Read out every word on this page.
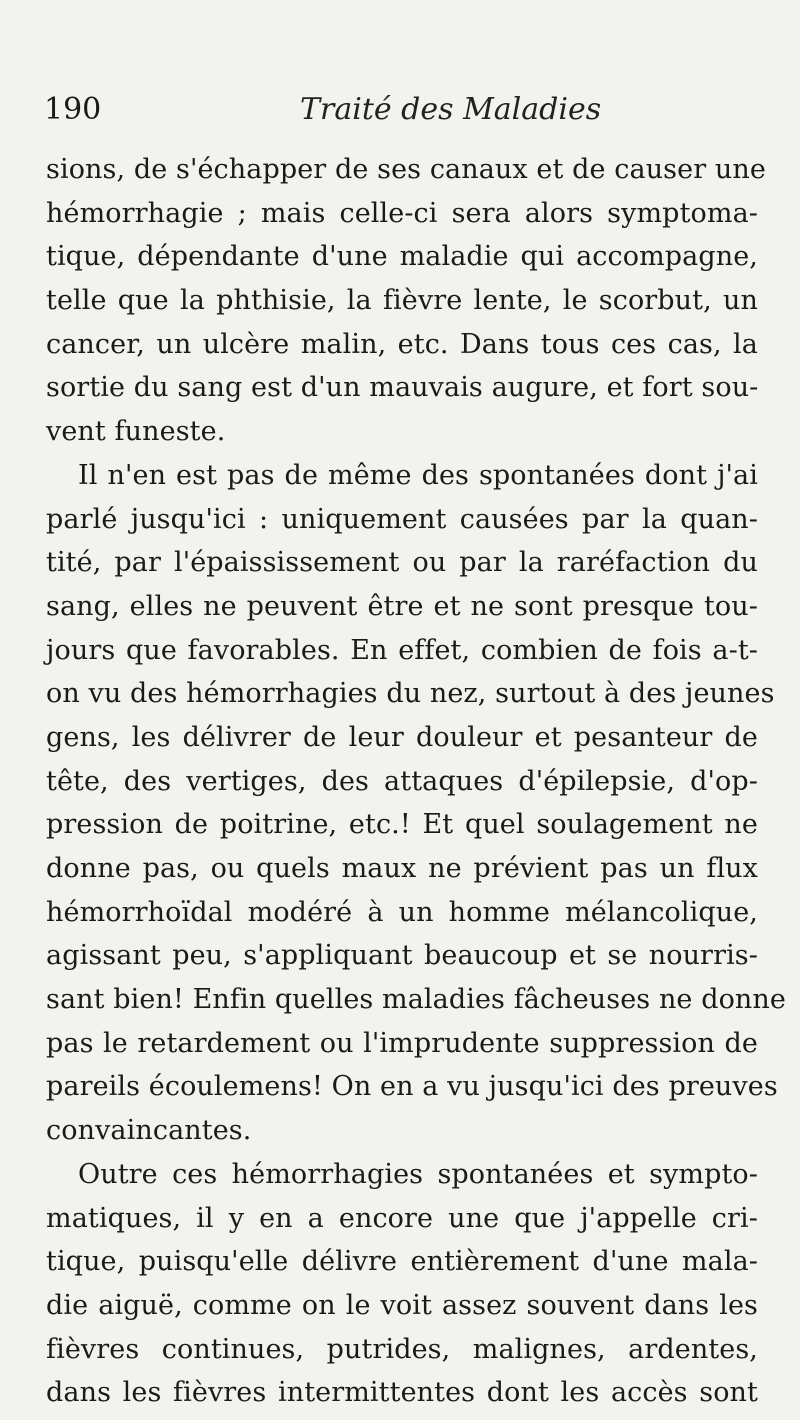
190	Traité des Maladies
sions, de s'échapper de ses canaux et de causer une
hémorrhagie ; mais celle-ci sera alors symptoma-
tique, dépendante d'une maladie qui accompagne,
telle que la phthisie, la fièvre lente, le scorbut, un
cancer, un ulcère malin, etc. Dans tous ces cas, la
sortie du sang est d'un mauvais augure, et fort sou-
vent funeste.
Il n'en est pas de même des spontanées dont j'ai
parlé jusqu'ici : uniquement causées par la quan-
tité, par l'épaississement ou par la raréfaction du
sang, elles ne peuvent être et ne sont presque tou-
jours que favorables. En effet, combien de fois a-t-
on vu des hémorrhagies du nez, surtout à des jeunes
gens, les délivrer de leur douleur et pesanteur de
tête, des vertiges, des attaques d'épilepsie, d'op-
pression de poitrine, etc.! Et quel soulagement ne
donne pas, ou quels maux ne prévient pas un flux
hémorrhoïdal modéré à un homme mélancolique,
agissant peu, s'appliquant beaucoup et se nourris-
sant bien! Enfin quelles maladies fâcheuses ne donne
pas le retardement ou l'imprudente suppression de
pareils écoulemens! On en a vu jusqu'ici des preuves
convaincantes.
Outre ces hémorrhagies spontanées et sympto-
matiques, il y en a encore une que j'appelle cri-
tique, puisqu'elle délivre entièrement d'une mala-
die aiguë, comme on le voit assez souvent dans les
fièvres continues, putrides, malignes, ardentes,
dans les fièvres intermittentes dont les accès sont
